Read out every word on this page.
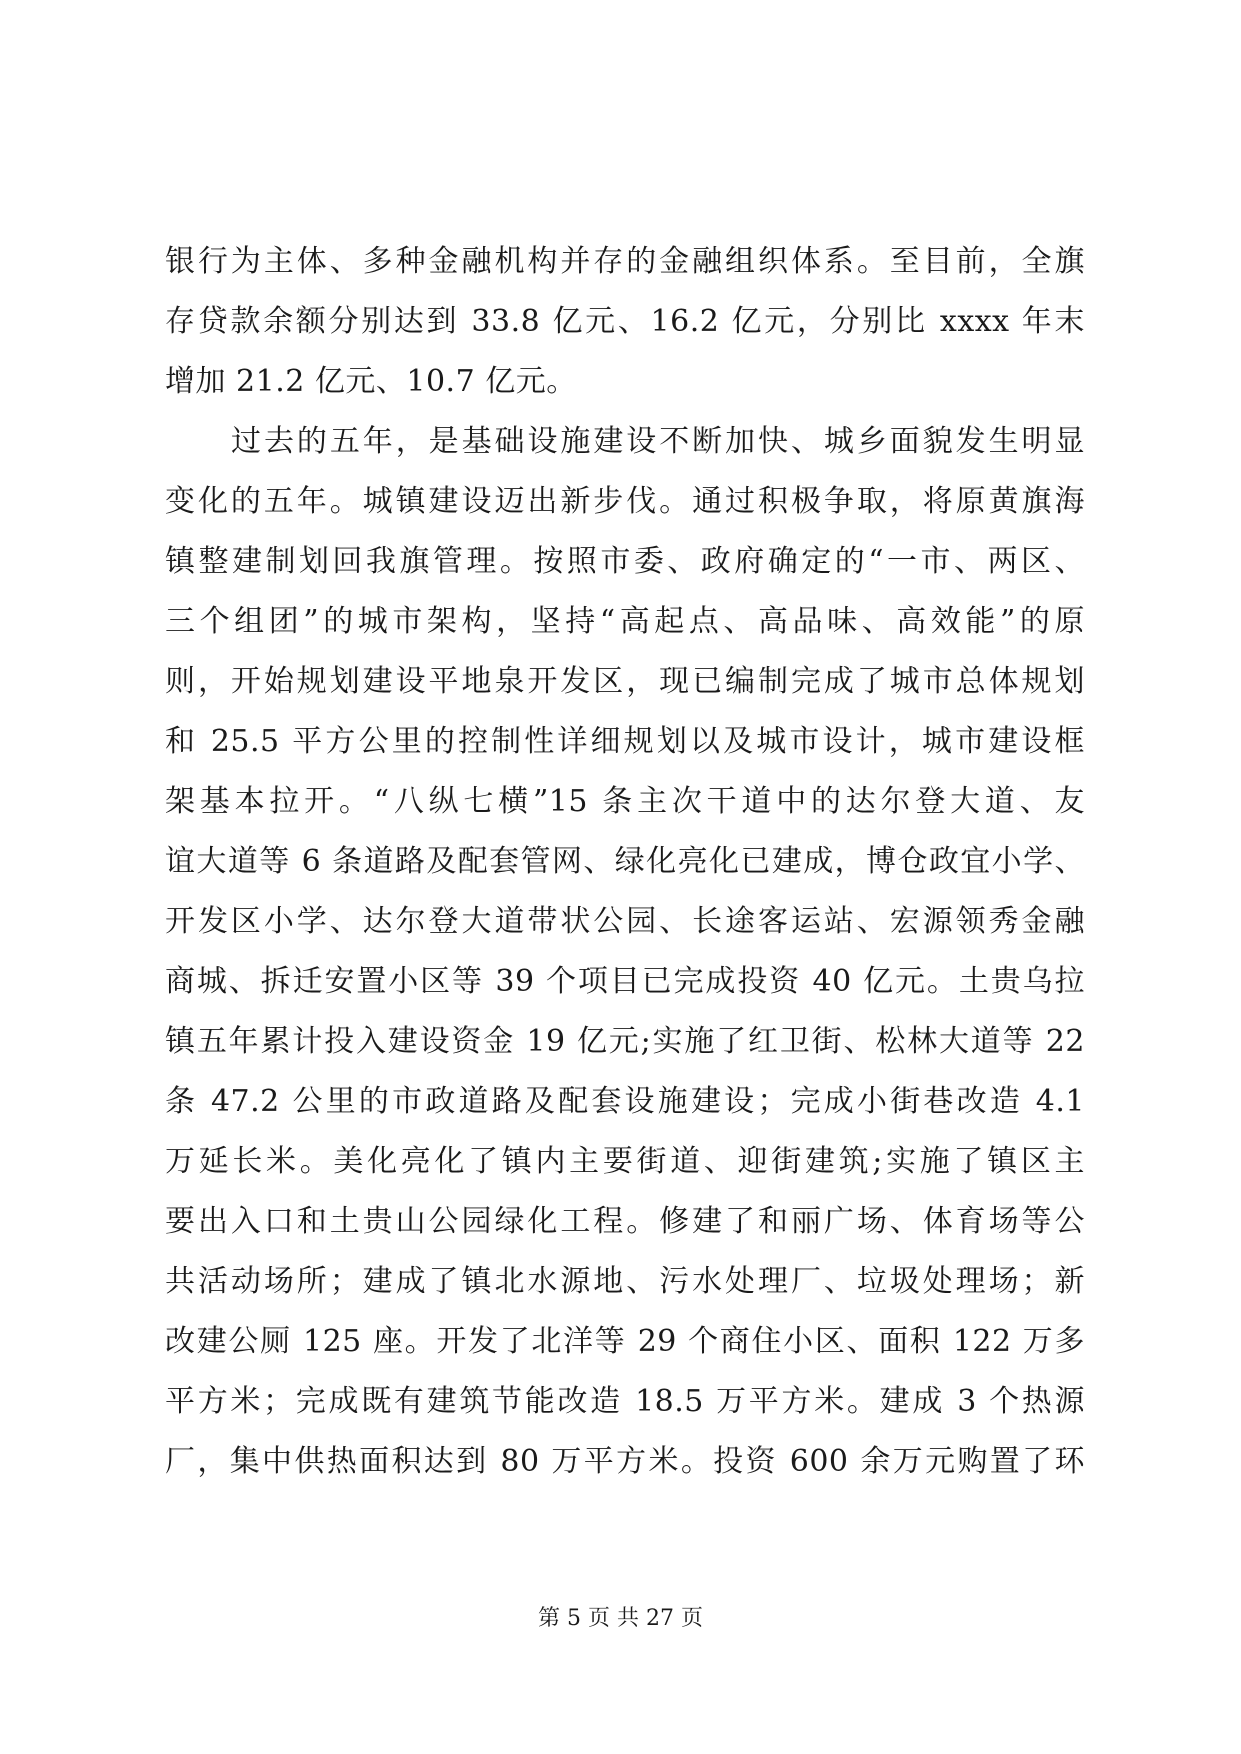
银行为主体、多种金融机构并存的金融组织体系。至目前，全旗
存贷款余额分别达到 33.8 亿元、16.2 亿元，分别比 xxxx 年末
增加 21.2 亿元、10.7 亿元。
过去的五年，是基础设施建设不断加快、城乡面貌发生明显
变化的五年。城镇建设迈出新步伐。通过积极争取，将原黄旗海
镇整建制划回我旗管理。按照市委、政府确定的“一市、两区、
三个组团”的城市架构，坚持“高起点、高品味、高效能”的原
则，开始规划建设平地泉开发区，现已编制完成了城市总体规划
和 25.5 平方公里的控制性详细规划以及城市设计，城市建设框
架基本拉开。“八纵七横”15 条主次干道中的达尔登大道、友
谊大道等 6 条道路及配套管网、绿化亮化已建成，博仓政宜小学、
开发区小学、达尔登大道带状公园、长途客运站、宏源领秀金融
商城、拆迁安置小区等 39 个项目已完成投资 40 亿元。土贵乌拉
镇五年累计投入建设资金 19 亿元;实施了红卫街、松林大道等 22
条 47.2 公里的市政道路及配套设施建设；完成小街巷改造 4.1
万延长米。美化亮化了镇内主要街道、迎街建筑;实施了镇区主
要出入口和土贵山公园绿化工程。修建了和丽广场、体育场等公
共活动场所；建成了镇北水源地、污水处理厂、垃圾处理场；新
改建公厕 125 座。开发了北洋等 29 个商住小区、面积 122 万多
平方米；完成既有建筑节能改造 18.5 万平方米。建成 3 个热源
厂，集中供热面积达到 80 万平方米。投资 600 余万元购置了环
第 5 页 共 27 页
